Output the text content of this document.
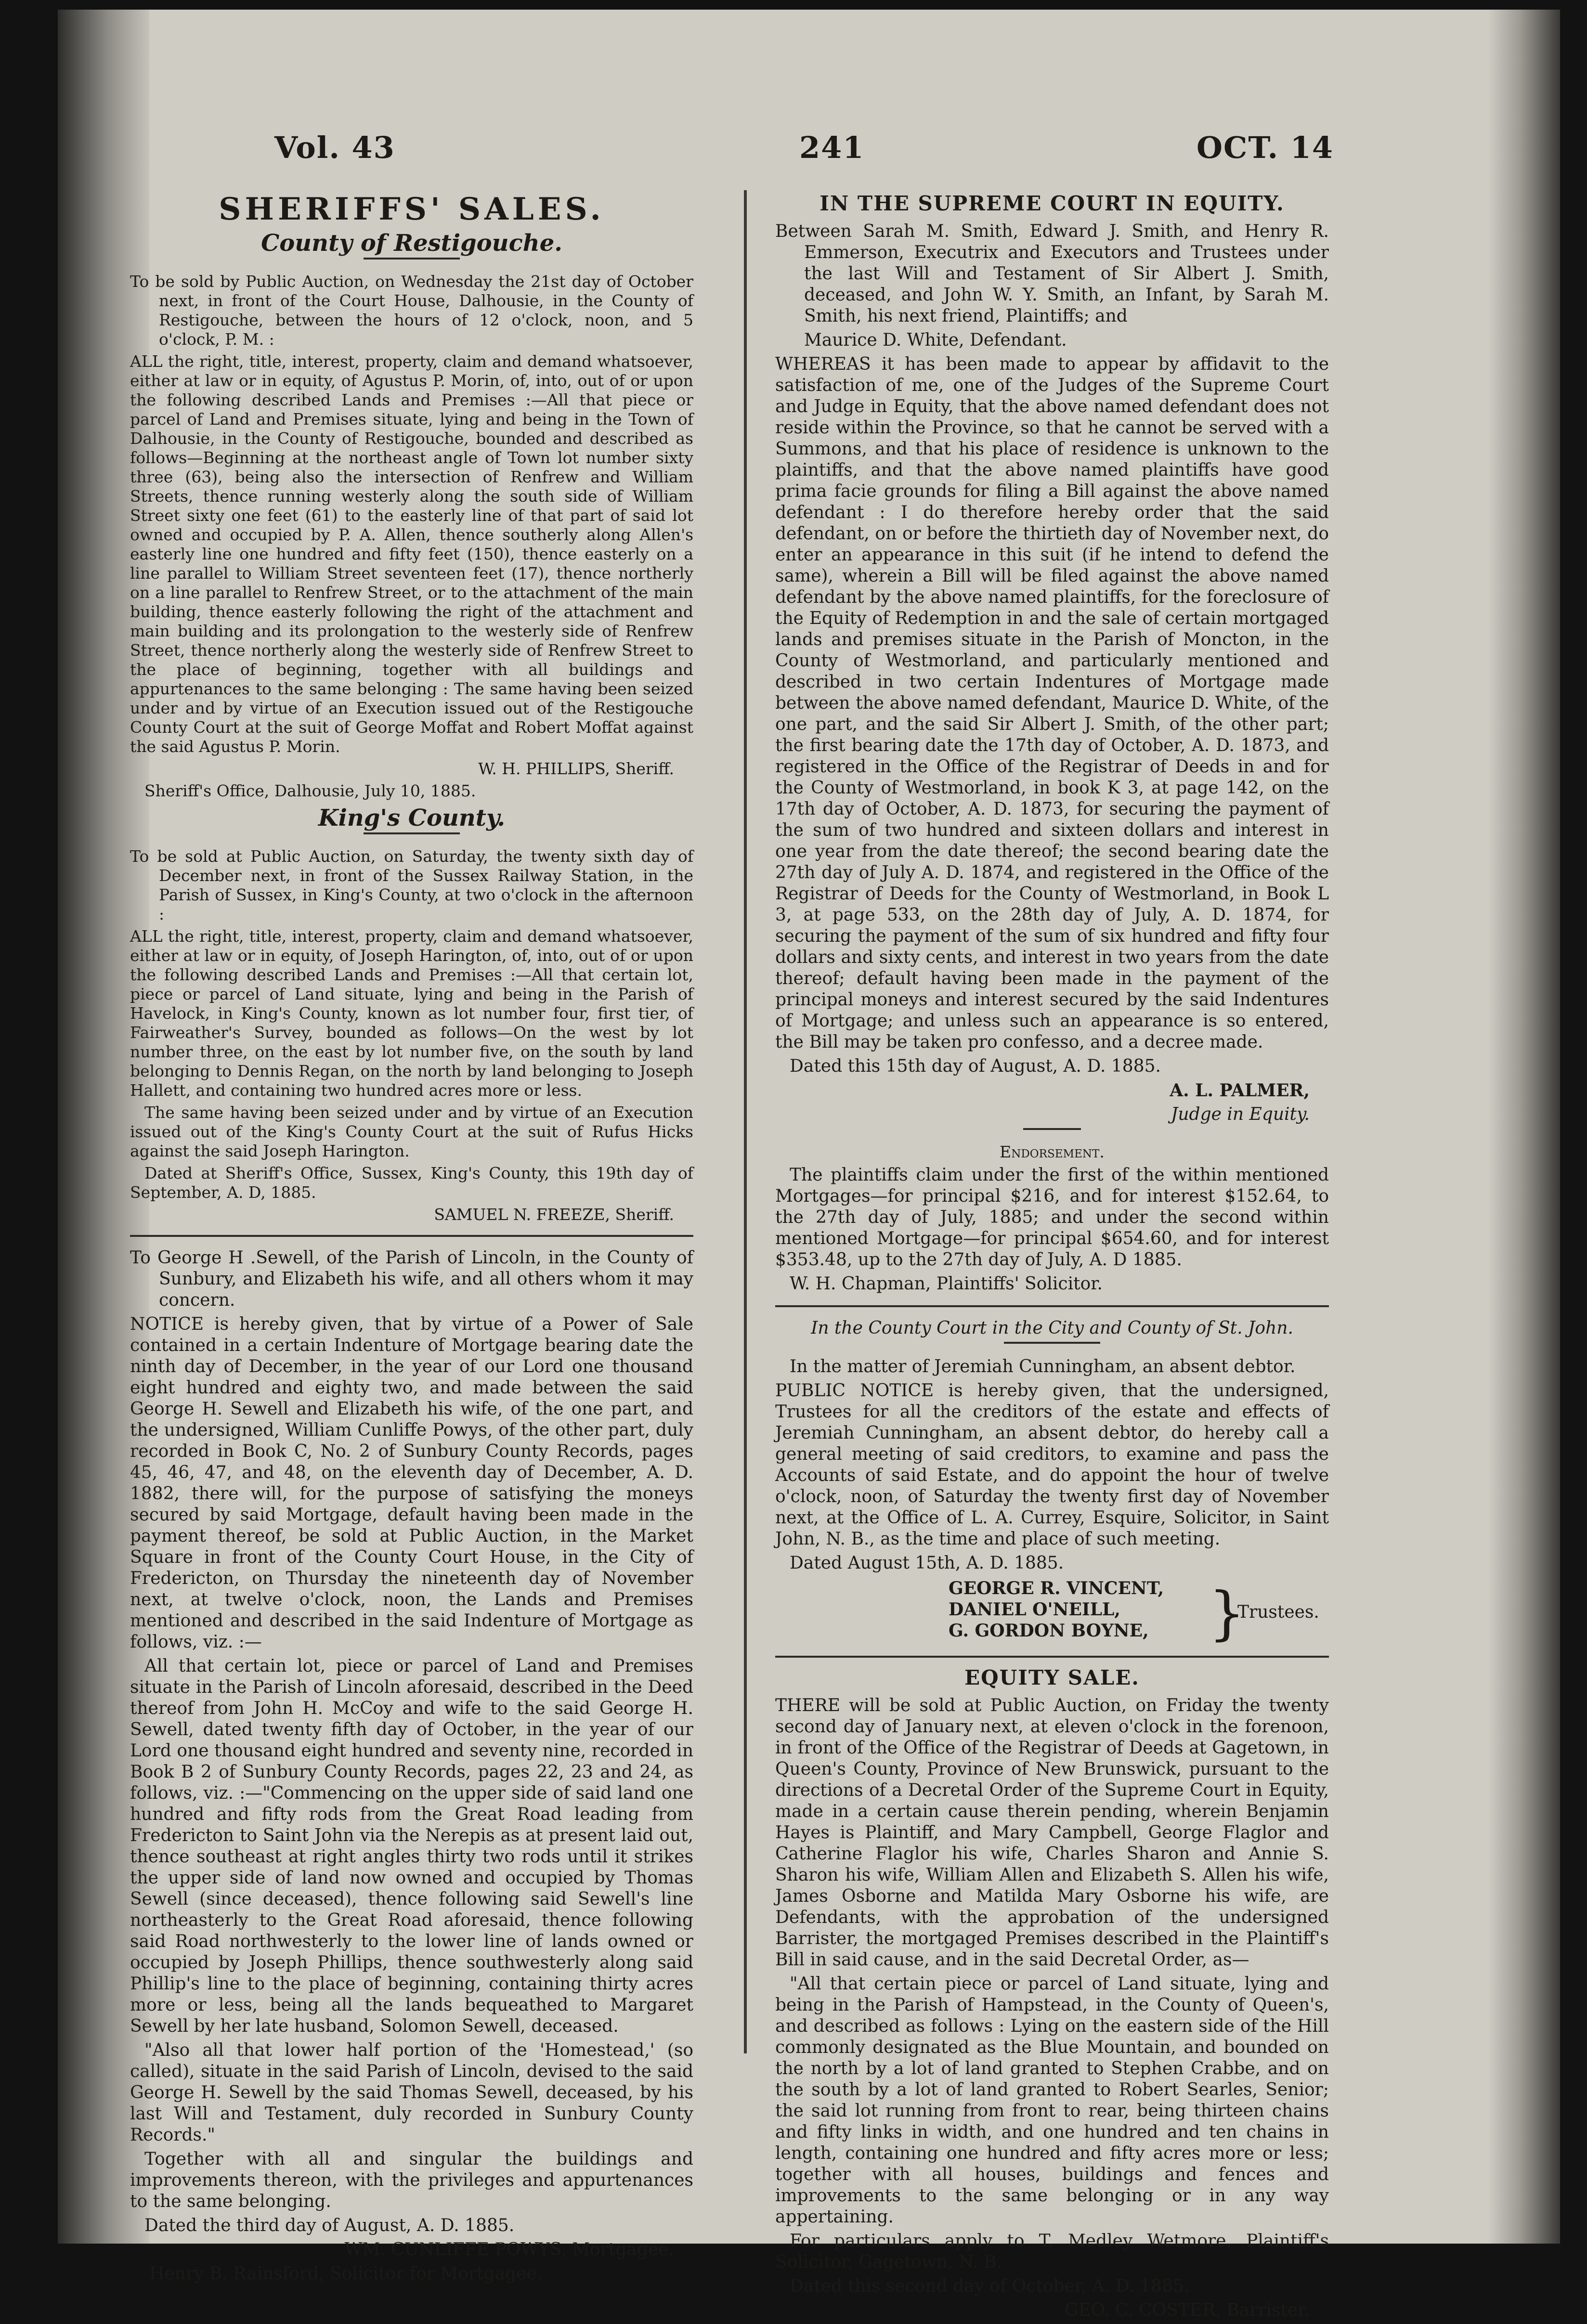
Vol. 43	241	OCT. 14
SHERIFFS' SALES.
County of Restigouche.

To be sold by Public Auction, on Wednesday the 21st day of October next, in front of the Court House, Dalhousie, in the County of Restigouche, between the hours of 12 o'clock, noon, and 5 o'clock, P. M. :

ALL the right, title, interest, property, claim and demand whatsoever, either at law or in equity, of Agustus P. Morin, of, into, out of or upon the following described Lands and Premises :—All that piece or parcel of Land and Premises situate, lying and being in the Town of Dalhousie, in the County of Restigouche, bounded and described as follows—Beginning at the northeast angle of Town lot number sixty three (63), being also the intersection of Renfrew and William Streets, thence running westerly along the south side of William Street sixty one feet (61) to the easterly line of that part of said lot owned and occupied by P. A. Allen, thence southerly along Allen's easterly line one hundred and fifty feet (150), thence easterly on a line parallel to William Street seventeen feet (17), thence northerly on a line parallel to Renfrew Street, or to the attachment of the main building, thence easterly following the right of the attachment and main building and its prolongation to the westerly side of Renfrew Street, thence northerly along the westerly side of Renfrew Street to the place of beginning, together with all buildings and appurtenances to the same belonging : The same having been seized under and by virtue of an Execution issued out of the Restigouche County Court at the suit of George Moffat and Robert Moffat against the said Agustus P. Morin.

W. H. PHILLIPS, Sheriff.

Sheriff's Office, Dalhousie, July 10, 1885.

King's County.

To be sold at Public Auction, on Saturday, the twenty sixth day of December next, in front of the Sussex Railway Station, in the Parish of Sussex, in King's County, at two o'clock in the afternoon :

ALL the right, title, interest, property, claim and demand whatsoever, either at law or in equity, of Joseph Harington, of, into, out of or upon the following described Lands and Premises :—All that certain lot, piece or parcel of Land situate, lying and being in the Parish of Havelock, in King's County, known as lot number four, first tier, of Fairweather's Survey, bounded as follows—On the west by lot number three, on the east by lot number five, on the south by land belonging to Dennis Regan, on the north by land belonging to Joseph Hallett, and containing two hundred acres more or less.

The same having been seized under and by virtue of an Execution issued out of the King's County Court at the suit of Rufus Hicks against the said Joseph Harington.

Dated at Sheriff's Office, Sussex, King's County, this 19th day of September, A. D, 1885.

SAMUEL N. FREEZE, Sheriff.

To George H .Sewell, of the Parish of Lincoln, in the County of Sunbury, and Elizabeth his wife, and all others whom it may concern.

NOTICE is hereby given, that by virtue of a Power of Sale contained in a certain Indenture of Mortgage bearing date the ninth day of December, in the year of our Lord one thousand eight hundred and eighty two, and made between the said George H. Sewell and Elizabeth his wife, of the one part, and the undersigned, William Cunliffe Powys, of the other part, duly recorded in Book C, No. 2 of Sunbury County Records, pages 45, 46, 47, and 48, on the eleventh day of December, A. D. 1882, there will, for the purpose of satisfying the moneys secured by said Mortgage, default having been made in the payment thereof, be sold at Public Auction, in the Market Square in front of the County Court House, in the City of Fredericton, on Thursday the nineteenth day of November next, at twelve o'clock, noon, the Lands and Premises mentioned and described in the said Indenture of Mortgage as follows, viz. :—

All that certain lot, piece or parcel of Land and Premises situate in the Parish of Lincoln aforesaid, described in the Deed thereof from John H. McCoy and wife to the said George H. Sewell, dated twenty fifth day of October, in the year of our Lord one thousand eight hundred and seventy nine, recorded in Book B 2 of Sunbury County Records, pages 22, 23 and 24, as follows, viz. :—"Commencing on the upper side of said land one hundred and fifty rods from the Great Road leading from Fredericton to Saint John via the Nerepis as at present laid out, thence southeast at right angles thirty two rods until it strikes the upper side of land now owned and occupied by Thomas Sewell (since deceased), thence following said Sewell's line northeasterly to the Great Road aforesaid, thence following said Road northwesterly to the lower line of lands owned or occupied by Joseph Phillips, thence southwesterly along said Phillip's line to the place of beginning, containing thirty acres more or less, being all the lands bequeathed to Margaret Sewell by her late husband, Solomon Sewell, deceased.

"Also all that lower half portion of the 'Homestead,' (so called), situate in the said Parish of Lincoln, devised to the said George H. Sewell by the said Thomas Sewell, deceased, by his last Will and Testament, duly recorded in Sunbury County Records."

Together with all and singular the buildings and improvements thereon, with the privileges and appurtenances to the same belonging.

Dated the third day of August, A. D. 1885.

WM. CUNLIFFE POWYS, Mortgagee.

Henry B. Rainsford, Solicitor for Mortgagee.

IN THE SUPREME COURT IN EQUITY.

Between Sarah M. Smith, Edward J. Smith, and Henry R. Emmerson, Executrix and Executors and Trustees under the last Will and Testament of Sir Albert J. Smith, deceased, and John W. Y. Smith, an Infant, by Sarah M. Smith, his next friend, Plaintiffs; and

Maurice D. White, Defendant.

WHEREAS it has been made to appear by affidavit to the satisfaction of me, one of the Judges of the Supreme Court and Judge in Equity, that the above named defendant does not reside within the Province, so that he cannot be served with a Summons, and that his place of residence is unknown to the plaintiffs, and that the above named plaintiffs have good prima facie grounds for filing a Bill against the above named defendant : I do therefore hereby order that the said defendant, on or before the thirtieth day of November next, do enter an appearance in this suit (if he intend to defend the same), wherein a Bill will be filed against the above named defendant by the above named plaintiffs, for the foreclosure of the Equity of Redemption in and the sale of certain mortgaged lands and premises situate in the Parish of Moncton, in the County of Westmorland, and particularly mentioned and described in two certain Indentures of Mortgage made between the above named defendant, Maurice D. White, of the one part, and the said Sir Albert J. Smith, of the other part; the first bearing date the 17th day of October, A. D. 1873, and registered in the Office of the Registrar of Deeds in and for the County of Westmorland, in book K 3, at page 142, on the 17th day of October, A. D. 1873, for securing the payment of the sum of two hundred and sixteen dollars and interest in one year from the date thereof; the second bearing date the 27th day of July A. D. 1874, and registered in the Office of the Registrar of Deeds for the County of Westmorland, in Book L 3, at page 533, on the 28th day of July, A. D. 1874, for securing the payment of the sum of six hundred and fifty four dollars and sixty cents, and interest in two years from the date thereof; default having been made in the payment of the principal moneys and interest secured by the said Indentures of Mortgage; and unless such an appearance is so entered, the Bill may be taken pro confesso, and a decree made.

Dated this 15th day of August, A. D. 1885.

A. L. PALMER,

Judge in Equity.

Endorsement.

The plaintiffs claim under the first of the within mentioned Mortgages—for principal $216, and for interest $152.64, to the 27th day of July, 1885; and under the second within mentioned Mortgage—for principal $654.60, and for interest $353.48, up to the 27th day of July, A. D 1885.

W. H. Chapman, Plaintiffs' Solicitor.

In the County Court in the City and County of St. John.

In the matter of Jeremiah Cunningham, an absent debtor.

PUBLIC NOTICE is hereby given, that the undersigned, Trustees for all the creditors of the estate and effects of Jeremiah Cunningham, an absent debtor, do hereby call a general meeting of said creditors, to examine and pass the Accounts of said Estate, and do appoint the hour of twelve o'clock, noon, of Saturday the twenty first day of November next, at the Office of L. A. Currey, Esquire, Solicitor, in Saint John, N. B., as the time and place of such meeting.

Dated August 15th, A. D. 1885.

GEORGE R. VINCENT,
DANIEL O'NEILL,
G. GORDON BOYNE, }
Trustees.
EQUITY SALE.

THERE will be sold at Public Auction, on Friday the twenty second day of January next, at eleven o'clock in the forenoon, in front of the Office of the Registrar of Deeds at Gagetown, in Queen's County, Province of New Brunswick, pursuant to the directions of a Decretal Order of the Supreme Court in Equity, made in a certain cause therein pending, wherein Benjamin Hayes is Plaintiff, and Mary Campbell, George Flaglor and Catherine Flaglor his wife, Charles Sharon and Annie S. Sharon his wife, William Allen and Elizabeth S. Allen his wife, James Osborne and Matilda Mary Osborne his wife, are Defendants, with the approbation of the undersigned Barrister, the mortgaged Premises described in the Plaintiff's Bill in said cause, and in the said Decretal Order, as—

"All that certain piece or parcel of Land situate, lying and being in the Parish of Hampstead, in the County of Queen's, and described as follows : Lying on the eastern side of the Hill commonly designated as the Blue Mountain, and bounded on the north by a lot of land granted to Stephen Crabbe, and on the south by a lot of land granted to Robert Searles, Senior; the said lot running from front to rear, being thirteen chains and fifty links in width, and one hundred and ten chains in length, containing one hundred and fifty acres more or less; together with all houses, buildings and fences and improvements to the same belonging or in any way appertaining.

For particulars apply to T. Medley Wetmore, Plaintiff's Solicitor, Gagetown, N. B.

Dated this second day of October, A. D. 1885.

GEO. C. COSTER, Barrister.
